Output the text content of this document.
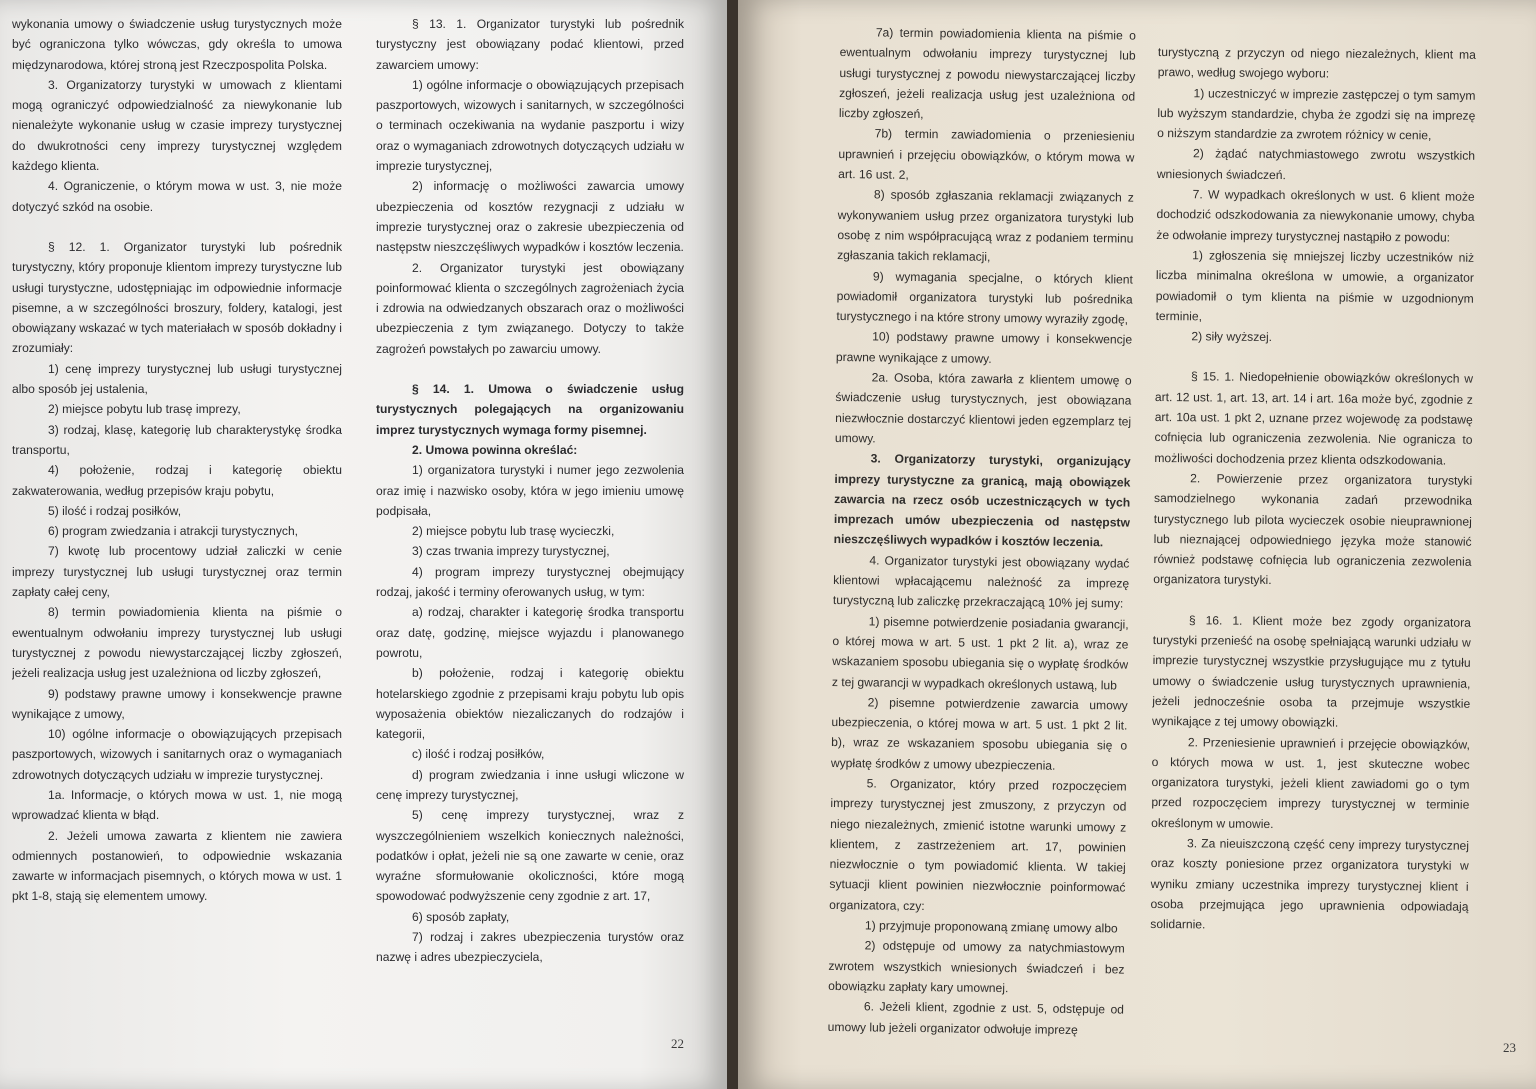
wykonania umowy o świadczenie usług turystycznych może być ograniczona tylko wówczas, gdy określa to umowa międzynarodowa, której stroną jest Rzeczpospolita Polska.

3. Organizatorzy turystyki w umowach z klientami mogą ograniczyć odpowiedzialność za niewykonanie lub nienależyte wykonanie usług w czasie imprezy turystycznej do dwukrotności ceny imprezy turystycznej względem każdego klienta.

4. Ograniczenie, o którym mowa w ust. 3, nie może dotyczyć szkód na osobie.

§ 12. 1. Organizator turystyki lub pośrednik turystyczny, który proponuje klientom imprezy turystyczne lub usługi turystyczne, udostępniając im odpowiednie informacje pisemne, a w szczególności broszury, foldery, katalogi, jest obowiązany wskazać w tych materiałach w sposób dokładny i zrozumiały:

1) cenę imprezy turystycznej lub usługi turystycznej albo sposób jej ustalenia,

2) miejsce pobytu lub trasę imprezy,

3) rodzaj, klasę, kategorię lub charakterystykę środka transportu,

4) położenie, rodzaj i kategorię obiektu zakwaterowania, według przepisów kraju pobytu,

5) ilość i rodzaj posiłków,

6) program zwiedzania i atrakcji turystycznych,

7) kwotę lub procentowy udział zaliczki w cenie imprezy turystycznej lub usługi turystycznej oraz termin zapłaty całej ceny,

8) termin powiadomienia klienta na piśmie o ewentualnym odwołaniu imprezy turystycznej lub usługi turystycznej z powodu niewystarczającej liczby zgłoszeń, jeżeli realizacja usług jest uzależniona od liczby zgłoszeń,

9) podstawy prawne umowy i konsekwencje prawne wynikające z umowy,

10) ogólne informacje o obowiązujących przepisach paszportowych, wizowych i sanitarnych oraz o wymaganiach zdrowotnych dotyczących udziału w imprezie turystycznej.

1a. Informacje, o których mowa w ust. 1, nie mogą wprowadzać klienta w błąd.

2. Jeżeli umowa zawarta z klientem nie zawiera odmiennych postanowień, to odpowiednie wskazania zawarte w informacjach pisemnych, o których mowa w ust. 1 pkt 1-8, stają się elementem umowy.

§ 13. 1. Organizator turystyki lub pośrednik turystyczny jest obowiązany podać klientowi, przed zawarciem umowy:

1) ogólne informacje o obowiązujących przepisach paszportowych, wizowych i sanitarnych, w szczególności o terminach oczekiwania na wydanie paszportu i wizy oraz o wymaganiach zdrowotnych dotyczących udziału w imprezie turystycznej,

2) informację o możliwości zawarcia umowy ubezpieczenia od kosztów rezygnacji z udziału w imprezie turystycznej oraz o zakresie ubezpieczenia od następstw nieszczęśliwych wypadków i kosztów leczenia.

2. Organizator turystyki jest obowiązany poinformować klienta o szczególnych zagrożeniach życia i zdrowia na odwiedzanych obszarach oraz o możliwości ubezpieczenia z tym związanego. Dotyczy to także zagrożeń powstałych po zawarciu umowy.

§ 14. 1. Umowa o świadczenie usług turystycznych polegających na organizowaniu imprez turystycznych wymaga formy pisemnej.

2. Umowa powinna określać:

1) organizatora turystyki i numer jego zezwolenia oraz imię i nazwisko osoby, która w jego imieniu umowę podpisała,

2) miejsce pobytu lub trasę wycieczki,

3) czas trwania imprezy turystycznej,

4) program imprezy turystycznej obejmujący rodzaj, jakość i terminy oferowanych usług, w tym:

a) rodzaj, charakter i kategorię środka transportu oraz datę, godzinę, miejsce wyjazdu i planowanego powrotu,

b) położenie, rodzaj i kategorię obiektu hotelarskiego zgodnie z przepisami kraju pobytu lub opis wyposażenia obiektów niezaliczanych do rodzajów i kategorii,

c) ilość i rodzaj posiłków,

d) program zwiedzania i inne usługi wliczone w cenę imprezy turystycznej,

5) cenę imprezy turystycznej, wraz z wyszczególnieniem wszelkich koniecznych należności, podatków i opłat, jeżeli nie są one zawarte w cenie, oraz wyraźne sformułowanie okoliczności, które mogą spowodować podwyższenie ceny zgodnie z art. 17,

6) sposób zapłaty,

7) rodzaj i zakres ubezpieczenia turystów oraz nazwę i adres ubezpieczyciela,

22

7a) termin powiadomienia klienta na piśmie o ewentualnym odwołaniu imprezy turystycznej lub usługi turystycznej z powodu niewystarczającej liczby zgłoszeń, jeżeli realizacja usług jest uzależniona od liczby zgłoszeń,

7b) termin zawiadomienia o przeniesieniu uprawnień i przejęciu obowiązków, o którym mowa w art. 16 ust. 2,

8) sposób zgłaszania reklamacji związanych z wykonywaniem usług przez organizatora turystyki lub osobę z nim współpracującą wraz z podaniem terminu zgłaszania takich reklamacji,

9) wymagania specjalne, o których klient powiadomił organizatora turystyki lub pośrednika turystycznego i na które strony umowy wyraziły zgodę,

10) podstawy prawne umowy i konsekwencje prawne wynikające z umowy.

2a. Osoba, która zawarła z klientem umowę o świadczenie usług turystycznych, jest obowiązana niezwłocznie dostarczyć klientowi jeden egzemplarz tej umowy.

3. Organizatorzy turystyki, organizujący imprezy turystyczne za granicą, mają obowiązek zawarcia na rzecz osób uczestniczących w tych imprezach umów ubezpieczenia od następstw nieszczęśliwych wypadków i kosztów leczenia.

4. Organizator turystyki jest obowiązany wydać klientowi wpłacającemu należność za imprezę turystyczną lub zaliczkę przekraczającą 10% jej sumy:

1) pisemne potwierdzenie posiadania gwarancji, o której mowa w art. 5 ust. 1 pkt 2 lit. a), wraz ze wskazaniem sposobu ubiegania się o wypłatę środków z tej gwarancji w wypadkach określonych ustawą, lub

2) pisemne potwierdzenie zawarcia umowy ubezpieczenia, o której mowa w art. 5 ust. 1 pkt 2 lit. b), wraz ze wskazaniem sposobu ubiegania się o wypłatę środków z umowy ubezpieczenia.

5. Organizator, który przed rozpoczęciem imprezy turystycznej jest zmuszony, z przyczyn od niego niezależnych, zmienić istotne warunki umowy z klientem, z zastrzeżeniem art. 17, powinien niezwłocznie o tym powiadomić klienta. W takiej sytuacji klient powinien niezwłocznie poinformować organizatora, czy:

1) przyjmuje proponowaną zmianę umowy albo

2) odstępuje od umowy za natychmiastowym zwrotem wszystkich wniesionych świadczeń i bez obowiązku zapłaty kary umownej.

6. Jeżeli klient, zgodnie z ust. 5, odstępuje od umowy lub jeżeli organizator odwołuje imprezę

turystyczną z przyczyn od niego niezależnych, klient ma prawo, według swojego wyboru:

1) uczestniczyć w imprezie zastępczej o tym samym lub wyższym standardzie, chyba że zgodzi się na imprezę o niższym standardzie za zwrotem różnicy w cenie,

2) żądać natychmiastowego zwrotu wszystkich wniesionych świadczeń.

7. W wypadkach określonych w ust. 6 klient może dochodzić odszkodowania za niewykonanie umowy, chyba że odwołanie imprezy turystycznej nastąpiło z powodu:

1) zgłoszenia się mniejszej liczby uczestników niż liczba minimalna określona w umowie, a organizator powiadomił o tym klienta na piśmie w uzgodnionym terminie,

2) siły wyższej.

§ 15. 1. Niedopełnienie obowiązków określonych w art. 12 ust. 1, art. 13, art. 14 i art. 16a może być, zgodnie z art. 10a ust. 1 pkt 2, uznane przez wojewodę za podstawę cofnięcia lub ograniczenia zezwolenia. Nie ogranicza to możliwości dochodzenia przez klienta odszkodowania.

2. Powierzenie przez organizatora turystyki samodzielnego wykonania zadań przewodnika turystycznego lub pilota wycieczek osobie nieuprawnionej lub nieznającej odpowiedniego języka może stanowić również podstawę cofnięcia lub ograniczenia zezwolenia organizatora turystyki.

§ 16. 1. Klient może bez zgody organizatora turystyki przenieść na osobę spełniającą warunki udziału w imprezie turystycznej wszystkie przysługujące mu z tytułu umowy o świadczenie usług turystycznych uprawnienia, jeżeli jednocześnie osoba ta przejmuje wszystkie wynikające z tej umowy obowiązki.

2. Przeniesienie uprawnień i przejęcie obowiązków, o których mowa w ust. 1, jest skuteczne wobec organizatora turystyki, jeżeli klient zawiadomi go o tym przed rozpoczęciem imprezy turystycznej w terminie określonym w umowie.

3. Za nieuiszczoną część ceny imprezy turystycznej oraz koszty poniesione przez organizatora turystyki w wyniku zmiany uczestnika imprezy turystycznej klient i osoba przejmująca jego uprawnienia odpowiadają solidarnie.

23
